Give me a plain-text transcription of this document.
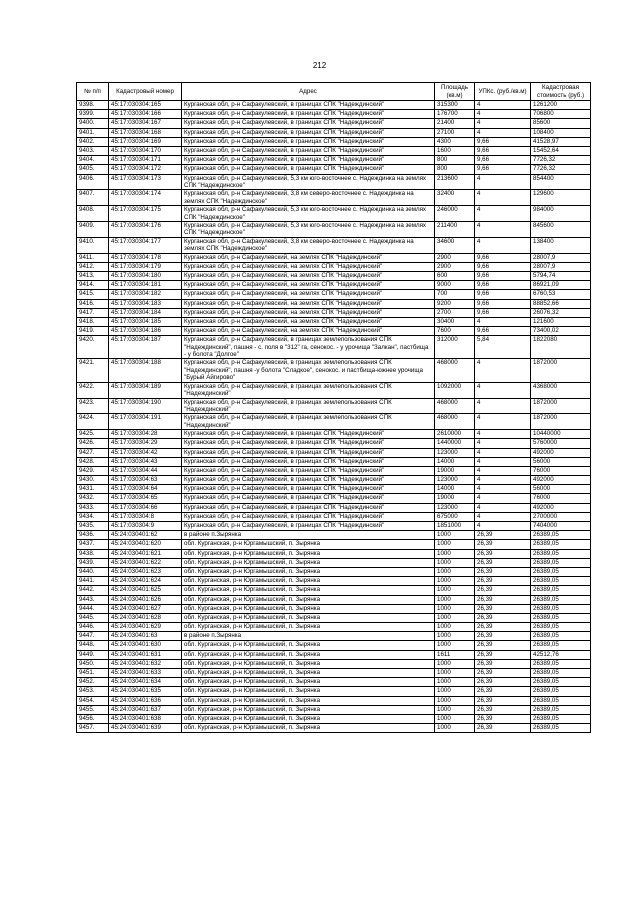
212
№ п/п	Кадастровый номер	Адрес	Площадь (кв.м)	УПКс. (руб./кв.м)	Кадастровая стоимость (руб.)
9398.	45:17:030304:165	Курганская обл, р-н Сафакулевский, в границах СПК "Надеждинский"	315300	4	1261200
9399.	45:17:030304:166	Курганская обл, р-н Сафакулевский, в границах СПК "Надеждинский"	176700	4	706800
9400.	45:17:030304:167	Курганская обл, р-н Сафакулевский, в границах СПК "Надеждинский"	21400	4	85600
9401.	45:17:030304:168	Курганская обл, р-н Сафакулевский, в границах СПК "Надеждинский"	27100	4	108400
9402.	45:17:030304:169	Курганская обл, р-н Сафакулевский, в границах СПК "Надеждинский"	4300	9,66	41528,97
9403.	45:17:030304:170	Курганская обл, р-н Сафакулевский, в границах СПК "Надеждинский"	1600	9,66	15452,64
9404.	45:17:030304:171	Курганская обл, р-н Сафакулевский, в границах СПК "Надеждинский"	800	9,66	7726,32
9405.	45:17:030304:172	Курганская обл, р-н Сафакулевский, в границах СПК "Надеждинский"	800	9,66	7726,32
9406.	45:17:030304:173	Курганская обл, р-н Сафакулевский, 5,3 км юго-восточнее с. Надеждинка на землях СПК "Надеждинское"	213600	4	854400
9407.	45:17:030304:174	Курганская обл, р-н Сафакулевский, 3,8 км северо-восточнее с. Надеждинка на землях СПК "Надеждинское"	32400	4	129600
9408.	45:17:030304:175	Курганская обл, р-н Сафакулевский, 5,3 км юго-восточнее с. Надеждинка на землях СПК "Надеждинское"	246000	4	984000
9409.	45:17:030304:176	Курганская обл, р-н Сафакулевский, 5,3 км юго-восточнее с. Надеждинка на землях СПК "Надеждинское"	211400	4	845600
9410.	45:17:030304:177	Курганская обл, р-н Сафакулевский, 3,8 км северо-восточнее с. Надеждинка на землях СПК "Надеждинское"	34600	4	138400
9411.	45:17:030304:178	Курганская обл, р-н Сафакулевский, на землях СПК "Надеждинский"	2900	9,66	28007,9
9412.	45:17:030304:179	Курганская обл, р-н Сафакулевский, на землях СПК "Надеждинский"	2900	9,66	28007,9
9413.	45:17:030304:180	Курганская обл, р-н Сафакулевский, на землях СПК "Надеждинский"	600	9,66	5794,74
9414.	45:17:030304:181	Курганская обл, р-н Сафакулевский, на землях СПК "Надеждинский"	9000	9,66	86921,09
9415.	45:17:030304:182	Курганская обл, р-н Сафакулевский, на землях СПК "Надеждинский"	700	9,66	6760,53
9416.	45:17:030304:183	Курганская обл, р-н Сафакулевский, на землях СПК "Надеждинский"	9200	9,66	88852,66
9417.	45:17:030304:184	Курганская обл, р-н Сафакулевский, на землях СПК "Надеждинский"	2700	9,66	26076,32
9418.	45:17:030304:185	Курганская обл, р-н Сафакулевский, на землях СПК "Надеждинский"	30400	4	121600
9419.	45:17:030304:186	Курганская обл, р-н Сафакулевский, на землях СПК "Надеждинский"	7600	9,66	73400,02
9420.	45:17:030304:187	Курганская обл, р-н Сафакулевский, в границах землепользования СПК "Надеждинский", пашня - с. поля в "312" га, сенокос. - у урочища "Залкан", пастбища - у болота "Долгое"	312000	5,84	1822080
9421.	45:17:030304:188	Курганская обл, р-н Сафакулевский, в границах землепользования СПК "Надеждинский", пашня -у болота "Сладкое", сенокос. и пастбища-южнее урочища "Бурый Айгирово"	468000	4	1872000
9422.	45:17:030304:189	Курганская обл, р-н Сафакулевский, в границах землепользования СПК "Надеждинский"	1092000	4	4368000
9423.	45:17:030304:190	Курганская обл, р-н Сафакулевский, в границах землепользования СПК "Надеждинский"	468000	4	1872000
9424.	45:17:030304:191	Курганская обл, р-н Сафакулевский, в границах землепользования СПК "Надеждинский"	468000	4	1872000
9425.	45:17:030304:28	Курганская обл, р-н Сафакулевский, в границах СПК "Надеждинский"	2610000	4	10440000
9426.	45:17:030304:29	Курганская обл, р-н Сафакулевский, в границах СПК "Надеждинский"	1440000	4	5760000
9427.	45:17:030304:42	Курганская обл, р-н Сафакулевский, в границах СПК "Надеждинский"	123000	4	492000
9428.	45:17:030304:43	Курганская обл, р-н Сафакулевский, в границах СПК "Надеждинский"	14000	4	56000
9429.	45:17:030304:44	Курганская обл, р-н Сафакулевский, в границах СПК "Надеждинский"	19000	4	76000
9430.	45:17:030304:63	Курганская обл, р-н Сафакулевский, в границах СПК "Надеждинский"	123000	4	492000
9431.	45:17:030304:64	Курганская обл, р-н Сафакулевский, в границах СПК "Надеждинский"	14000	4	56000
9432.	45:17:030304:65	Курганская обл, р-н Сафакулевский, в границах СПК "Надеждинский"	19000	4	76000
9433.	45:17:030304:66	Курганская обл, р-н Сафакулевский, в границах СПК "Надеждинский"	123000	4	492000
9434.	45:17:030304:8	Курганская обл, р-н Сафакулевский, в границах СПК "Надеждинский"	675000	4	2700000
9435.	45:17:030304:9	Курганская обл, р-н Сафакулевский, в границах СПК "Надеждинский"	1851000	4	7404000
9436.	45:24:030401:62	в районе п.Зырянка	1000	26,39	26389,05
9437.	45:24:030401:620	обл. Курганская, р-н Юргамышский, п. Зырянка	1000	26,39	26389,05
9438.	45:24:030401:621	обл. Курганская, р-н Юргамышский, п. Зырянка	1000	26,39	26389,05
9439.	45:24:030401:622	обл. Курганская, р-н Юргамышский, п. Зырянка	1000	26,39	26389,05
9440.	45:24:030401:623	обл. Курганская, р-н Юргамышский, п. Зырянка	1000	26,39	26389,05
9441.	45:24:030401:624	обл. Курганская, р-н Юргамышский, п. Зырянка	1000	26,39	26389,05
9442.	45:24:030401:625	обл. Курганская, р-н Юргамышский, п. Зырянка	1000	26,39	26389,05
9443.	45:24:030401:626	обл. Курганская, р-н Юргамышский, п. Зырянка	1000	26,39	26389,05
9444.	45:24:030401:627	обл. Курганская, р-н Юргамышский, п. Зырянка	1000	26,39	26389,05
9445.	45:24:030401:628	обл. Курганская, р-н Юргамышский, п. Зырянка	1000	26,39	26389,05
9446.	45:24:030401:629	обл. Курганская, р-н Юргамышский, п. Зырянка	1000	26,39	26389,05
9447.	45:24:030401:63	в районе п.Зырянка	1000	26,39	26389,05
9448.	45:24:030401:630	обл. Курганская, р-н Юргамышский, п. Зырянка	1000	26,39	26389,05
9449.	45:24:030401:631	обл. Курганская, р-н Юргамышский, п. Зырянка	1611	26,39	42512,76
9450.	45:24:030401:632	обл. Курганская, р-н Юргамышский, п. Зырянка	1000	26,39	26389,05
9451.	45:24:030401:633	обл. Курганская, р-н Юргамышский, п. Зырянка	1000	26,39	26389,05
9452.	45:24:030401:634	обл. Курганская, р-н Юргамышский, п. Зырянка	1000	26,39	26389,05
9453.	45:24:030401:635	обл. Курганская, р-н Юргамышский, п. Зырянка	1000	26,39	26389,05
9454.	45:24:030401:636	обл. Курганская, р-н Юргамышский, п. Зырянка	1000	26,39	26389,05
9455.	45:24:030401:637	обл. Курганская, р-н Юргамышский, п. Зырянка	1000	26,39	26389,05
9456.	45:24:030401:638	обл. Курганская, р-н Юргамышский, п. Зырянка	1000	26,39	26389,05
9457.	45:24:030401:639	обл. Курганская, р-н Юргамышский, п. Зырянка	1000	26,39	26389,05
